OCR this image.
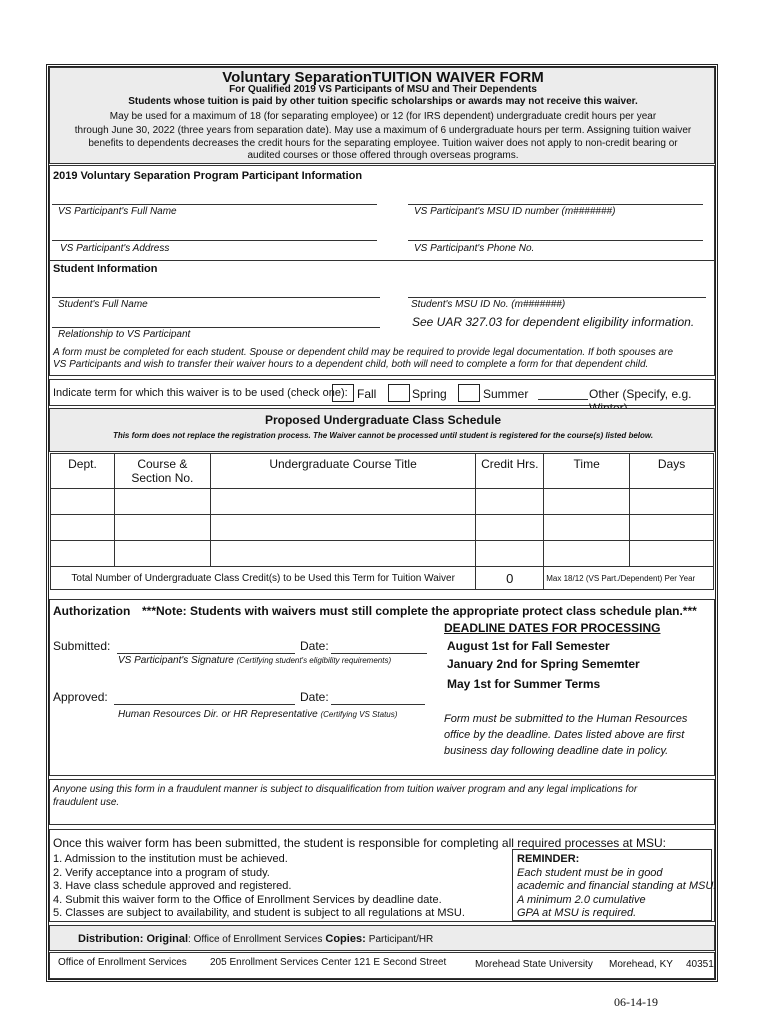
Voluntary SeparationTUITION WAIVER FORM
For Qualified 2019 VS Participants of MSU and Their Dependents
Students whose tuition is paid by other tuition specific scholarships or awards may not receive this waiver.
May be used for a maximum of 18 (for separating employee) or 12 (for IRS dependent) undergraduate credit hours per year
through June 30, 2022 (three years from separation date). May use a maximum of 6 undergraduate hours per term. Assigning tuition waiver
benefits to dependents decreases the credit hours for the separating employee. Tuition waiver does not apply to non-credit bearing or
audited courses or those offered through overseas programs.
2019 Voluntary Separation Program Participant Information
VS Participant's Full Name	VS Participant's MSU ID number (m#######)
VS Participant's Address	VS Participant's Phone No.
Student Information
Student's Full Name	Student's MSU ID No. (m#######)
See UAR 327.03 for dependent eligibility information.
Relationship to VS Participant
A form must be completed for each student. Spouse or dependent child may be required to provide legal documentation. If both spouses are
VS Participants and wish to transfer their waiver hours to a dependent child, both will need to complete a form for that dependent child.
Indicate term for which this waiver is to be used (check one): Fall	Spring	Summer	Other (Specify, e.g.
Proposed Undergraduate Class Schedule
This form does not replace the registration process. The Waiver cannot be processed until student is registered for the course(s) listed below.
Dept.	Course & Section No.	Undergraduate Course Title	Credit Hrs.	Time	Days

Total Number of Undergraduate Class Credit(s) to be Used this Term for Tuition Waiver			0	Max 18/12 (VS Part./Dependent) Per Year	
Authorization ***Note: Students with waivers must still complete the appropriate protect class schedule plan.***
DEADLINE DATES FOR PROCESSING
August 1st for Fall Semester
January 2nd for Spring Sememter
May 1st for Summer Terms
Submitted:	Date:
VS Participant's Signature (Certifying student's eligibility requirements)
Approved:	Date:
Human Resources Dir. or HR Representative (Certifying VS Status)	Form must be submitted to the Human Resources
office by the deadline. Dates listed above are first
business day following deadline date in policy.
Anyone using this form in a fraudulent manner is subject to disqualification from tuition waiver program and any legal implications for
fraudulent use.
Once this waiver form has been submitted, the student is responsible for completing all required processes at MSU:
1. Admission to the institution must be achieved.
2. Verify acceptance into a program of study.
3. Have class schedule approved and registered.
4. Submit this waiver form to the Office of Enrollment Services by deadline date.
5. Classes are subject to availability, and student is subject to all regulations at MSU.
REMINDER:
Each student must be in good
academic and financial standing at MSU.
A minimum 2.0 cumulative
GPA at MSU is required.
Distribution: Original: Office of Enrollment Services Copies: Participant/HR
Office of Enrollment Services 205 Enrollment Services Center 121 E Second Street	Morehead State University Morehead, KY 40351
06-14-19
